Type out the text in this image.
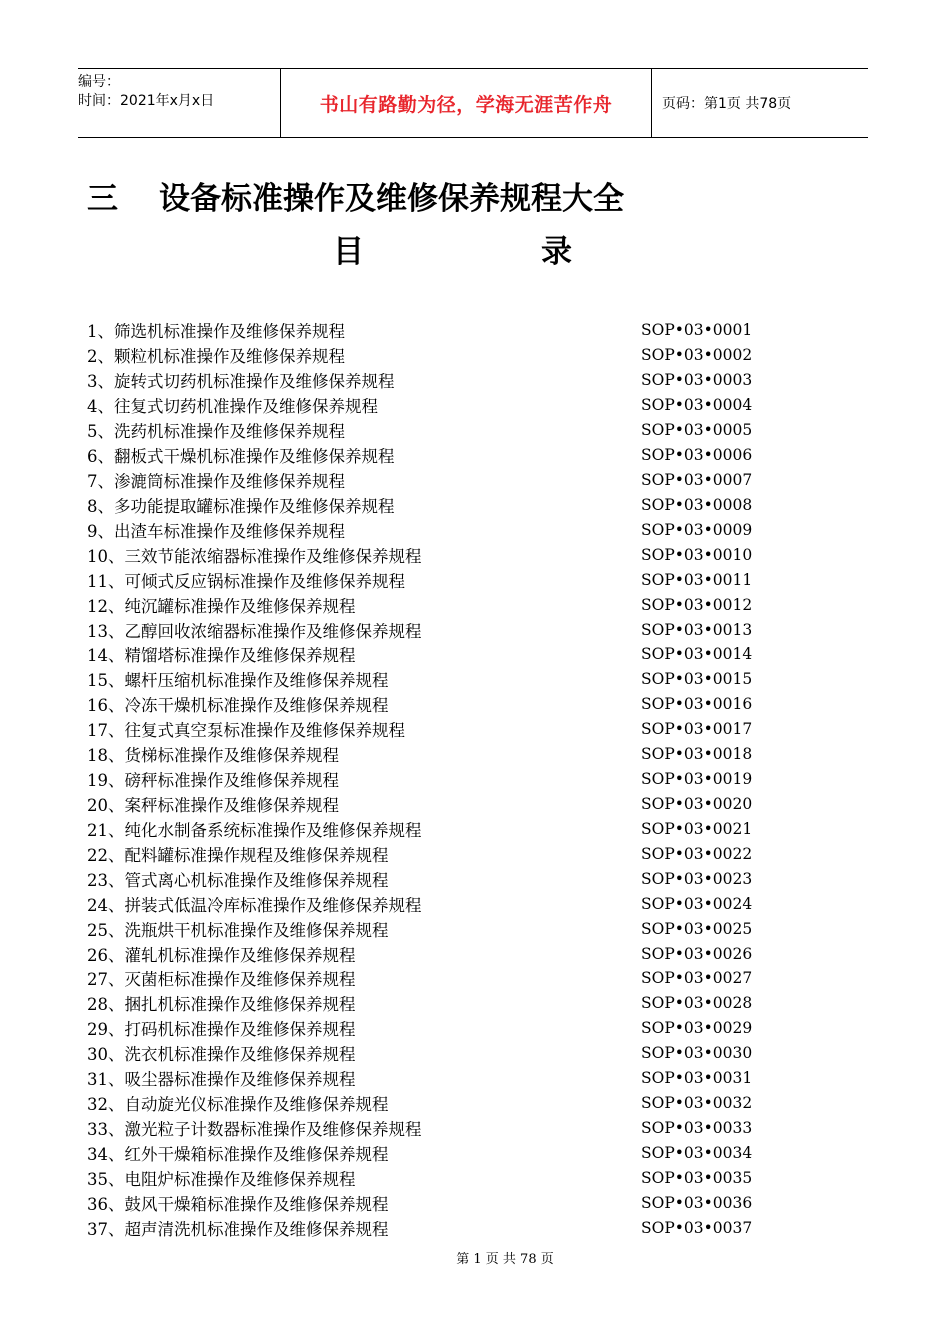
编号：
时间：2021年x月x日	书山有路勤为径，学海无涯苦作舟	页码：第1页 共78页
三 设备标准操作及维修保养规程大全
目	录
1、筛选机标准操作及维修保养规程	SOP•03•0001
2、颗粒机标准操作及维修保养规程	SOP•03•0002
3、旋转式切药机标准操作及维修保养规程	SOP•03•0003
4、往复式切药机准操作及维修保养规程	SOP•03•0004
5、洗药机标准操作及维修保养规程	SOP•03•0005
6、翻板式干燥机标准操作及维修保养规程	SOP•03•0006
7、渗漉筒标准操作及维修保养规程	SOP•03•0007
8、多功能提取罐标准操作及维修保养规程	SOP•03•0008
9、出渣车标准操作及维修保养规程	SOP•03•0009
10、三效节能浓缩器标准操作及维修保养规程	SOP•03•0010
11、可倾式反应锅标准操作及维修保养规程	SOP•03•0011
12、纯沉罐标准操作及维修保养规程	SOP•03•0012
13、乙醇回收浓缩器标准操作及维修保养规程	SOP•03•0013
14、精馏塔标准操作及维修保养规程	SOP•03•0014
15、螺杆压缩机标准操作及维修保养规程	SOP•03•0015
16、冷冻干燥机标准操作及维修保养规程	SOP•03•0016
17、往复式真空泵标准操作及维修保养规程	SOP•03•0017
18、货梯标准操作及维修保养规程	SOP•03•0018
19、磅秤标准操作及维修保养规程	SOP•03•0019
20、案秤标准操作及维修保养规程	SOP•03•0020
21、纯化水制备系统标准操作及维修保养规程	SOP•03•0021
22、配料罐标准操作规程及维修保养规程	SOP•03•0022
23、管式离心机标准操作及维修保养规程	SOP•03•0023
24、拼装式低温冷库标准操作及维修保养规程	SOP•03•0024
25、洗瓶烘干机标准操作及维修保养规程	SOP•03•0025
26、灌轧机标准操作及维修保养规程	SOP•03•0026
27、灭菌柜标准操作及维修保养规程	SOP•03•0027
28、捆扎机标准操作及维修保养规程	SOP•03•0028
29、打码机标准操作及维修保养规程	SOP•03•0029
30、洗衣机标准操作及维修保养规程	SOP•03•0030
31、吸尘器标准操作及维修保养规程	SOP•03•0031
32、自动旋光仪标准操作及维修保养规程	SOP•03•0032
33、激光粒子计数器标准操作及维修保养规程	SOP•03•0033
34、红外干燥箱标准操作及维修保养规程	SOP•03•0034
35、电阻炉标准操作及维修保养规程	SOP•03•0035
36、鼓风干燥箱标准操作及维修保养规程	SOP•03•0036
37、超声清洗机标准操作及维修保养规程	SOP•03•0037
第 1 页 共 78 页
